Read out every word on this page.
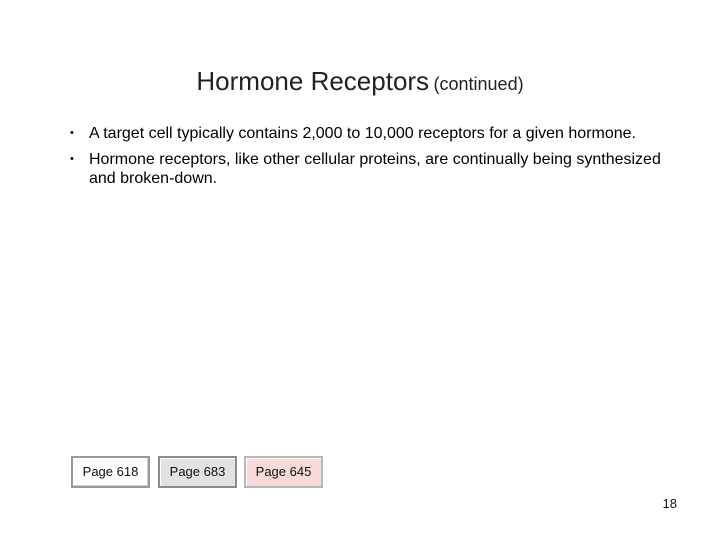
Hormone Receptors (continued)
• A target cell typically contains 2,000 to 10,000 receptors for a given hormone.
• Hormone receptors, like other cellular proteins, are continually being synthesized and broken-down.
Page 618	Page 683	Page 645
18
